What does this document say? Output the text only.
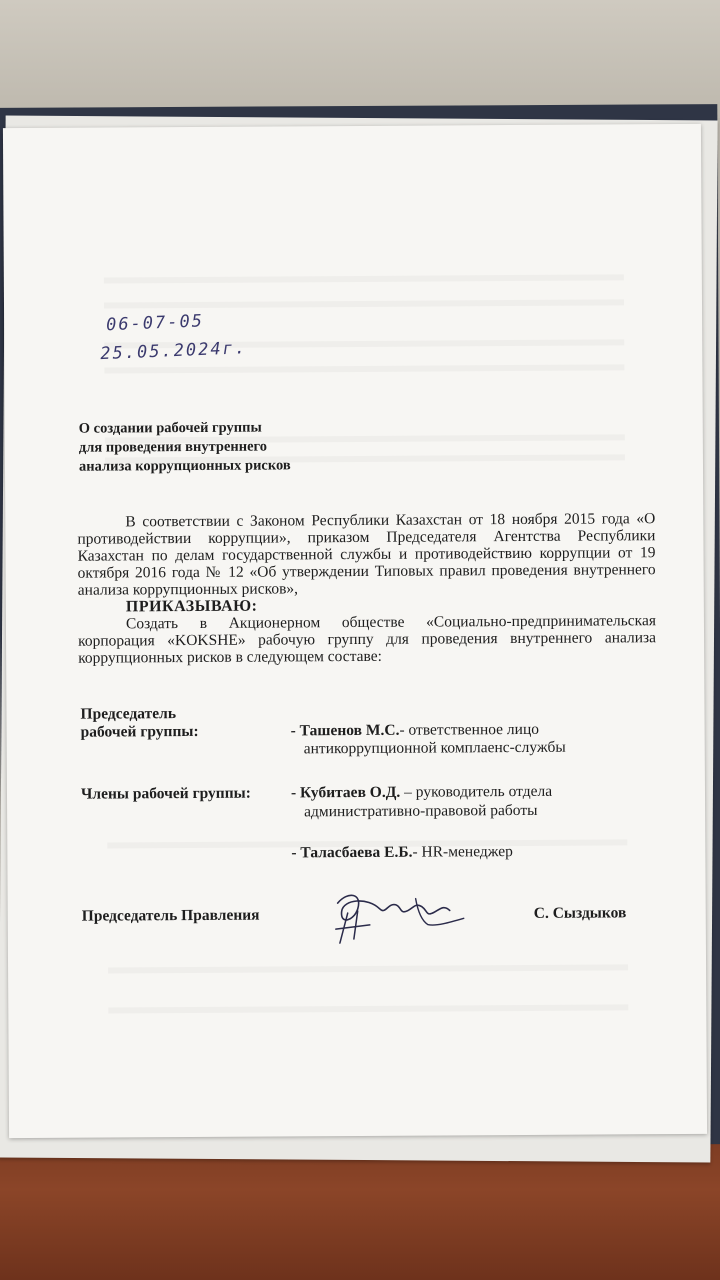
06-07-05
25.05.2024г.
О создании рабочей группы
для проведения внутреннего
анализа коррупционных рисков

В соответствии с Законом Республики Казахстан от 18 ноября 2015 года «О противодействии коррупции», приказом Председателя Агентства Республики Казахстан по делам государственной службы и противодействию коррупции от 19 октября 2016 года № 12 «Об утверждении Типовых правил проведения внутреннего анализа коррупционных рисков»,

ПРИКАЗЫВАЮ:

Создать в Акционерном обществе «Социально-предпринимательская корпорация «KOKSHE» рабочую группу для проведения внутреннего анализа коррупционных рисков в следующем составе:

Председатель
рабочей группы:	- Ташенов М.С.- ответственное лицо
антикоррупционной комплаенс-службы
Члены рабочей группы:	- Кубитаев О.Д. – руководитель отдела
административно-правовой работы
- Таласбаева Е.Б.- HR-менеджер
Председатель Правления	С. Сыздыков
